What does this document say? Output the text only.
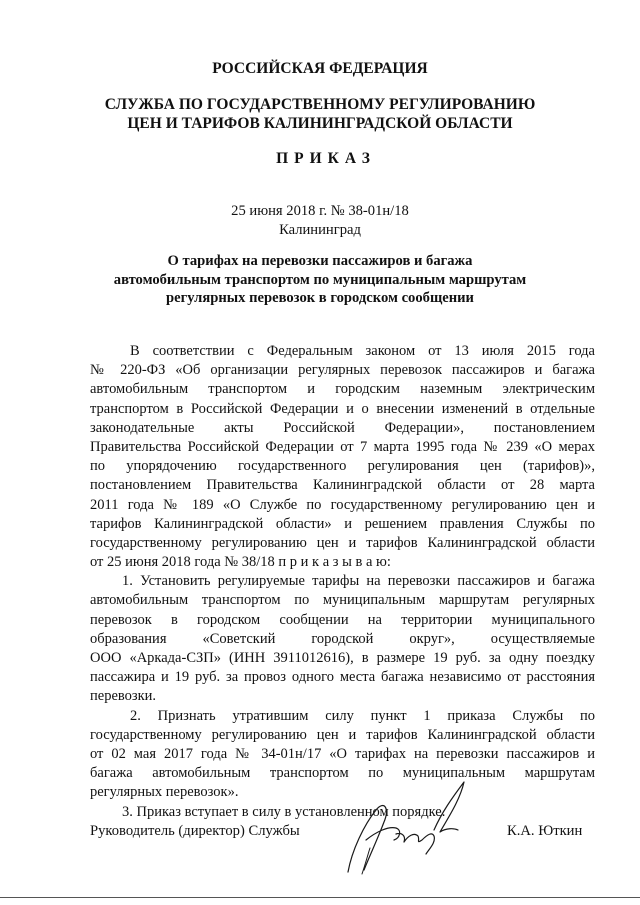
РОССИЙСКАЯ ФЕДЕРАЦИЯ
СЛУЖБА ПО ГОСУДАРСТВЕННОМУ РЕГУЛИРОВАНИЮ
ЦЕН И ТАРИФОВ КАЛИНИНГРАДСКОЙ ОБЛАСТИ
ПРИКАЗ
25 июня 2018 г. № 38-01н/18
Калининград
О тарифах на перевозки пассажиров и багажа
автомобильным транспортом по муниципальным маршрутам
регулярных перевозок в городском сообщении
В соответствии с Федеральным законом от 13 июля 2015 года
№ 220-ФЗ «Об организации регулярных перевозок пассажиров и багажа
автомобильным транспортом и городским наземным электрическим
транспортом в Российской Федерации и о внесении изменений в отдельные
законодательные акты Российской Федерации», постановлением
Правительства Российской Федерации от 7 марта 1995 года № 239 «О мерах
по упорядочению государственного регулирования цен (тарифов)»,
постановлением Правительства Калининградской области от 28 марта
2011 года № 189 «О Службе по государственному регулированию цен и
тарифов Калининградской области» и решением правления Службы по
государственному регулированию цен и тарифов Калининградской области
от 25 июня 2018 года № 38/18 п р и к а з ы в а ю:
1. Установить регулируемые тарифы на перевозки пассажиров и багажа
автомобильным транспортом по муниципальным маршрутам регулярных
перевозок в городском сообщении на территории муниципального
образования «Советский городской округ», осуществляемые
ООО «Аркада-СЗП» (ИНН 3911012616), в размере 19 руб. за одну поездку
пассажира и 19 руб. за провоз одного места багажа независимо от расстояния
перевозки.
2. Признать утратившим силу пункт 1 приказа Службы по
государственному регулированию цен и тарифов Калининградской области
от 02 мая 2017 года № 34-01н/17 «О тарифах на перевозки пассажиров и
багажа автомобильным транспортом по муниципальным маршрутам
регулярных перевозок».
3. Приказ вступает в силу в установленном порядке.
Руководитель (директор) Службы	К.А. Юткин
